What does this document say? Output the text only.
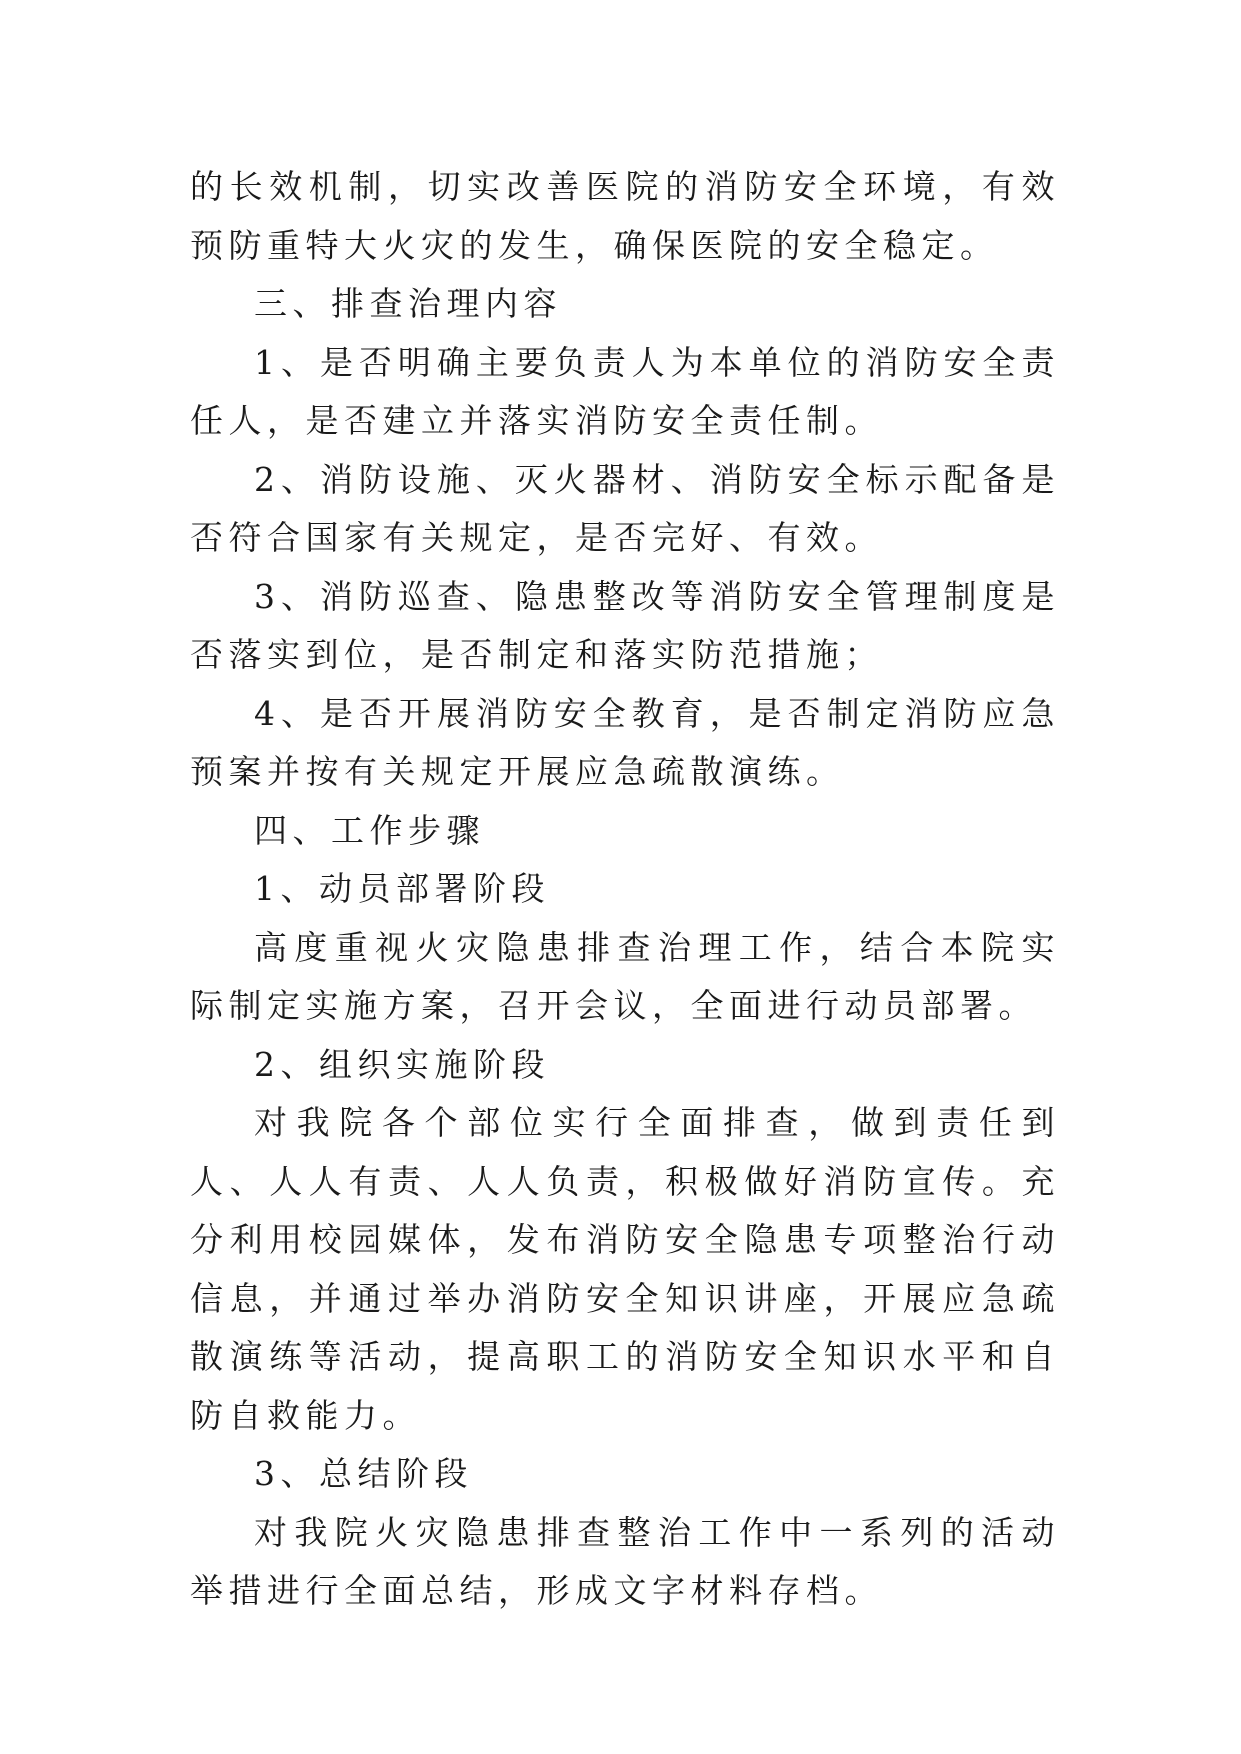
的长效机制，切实改善医院的消防安全环境，有效预防重特大火灾的发生，确保医院的安全稳定。

三、排查治理内容

1、是否明确主要负责人为本单位的消防安全责任人，是否建立并落实消防安全责任制。

2、消防设施、灭火器材、消防安全标示配备是否符合国家有关规定，是否完好、有效。

3、消防巡查、隐患整改等消防安全管理制度是否落实到位，是否制定和落实防范措施；

4、是否开展消防安全教育，是否制定消防应急预案并按有关规定开展应急疏散演练。

四、工作步骤

1、动员部署阶段

高度重视火灾隐患排查治理工作，结合本院实际制定实施方案，召开会议，全面进行动员部署。

2、组织实施阶段

对我院各个部位实行全面排查，做到责任到人、人人有责、人人负责，积极做好消防宣传。充分利用校园媒体，发布消防安全隐患专项整治行动信息，并通过举办消防安全知识讲座，开展应急疏散演练等活动，提高职工的消防安全知识水平和自防自救能力。

3、总结阶段

对我院火灾隐患排查整治工作中一系列的活动举措进行全面总结，形成文字材料存档。
